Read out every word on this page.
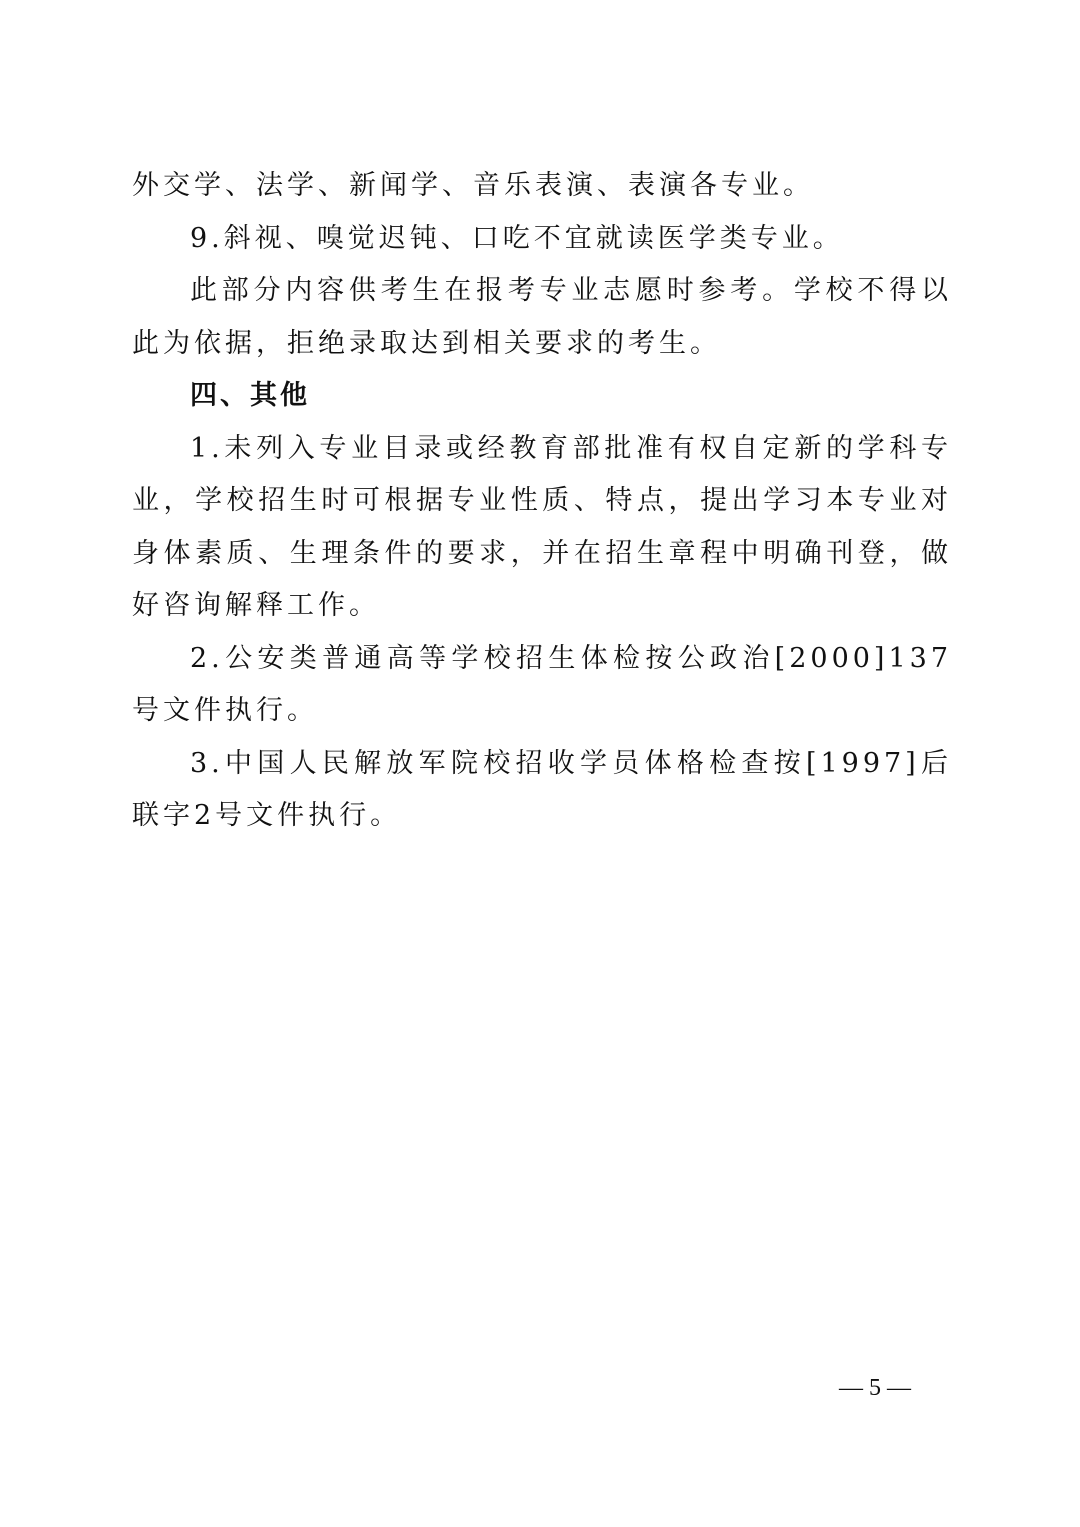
外交学、法学、新闻学、音乐表演、表演各专业。

9.斜视、嗅觉迟钝、口吃不宜就读医学类专业。

此部分内容供考生在报考专业志愿时参考。学校不得以此为依据，拒绝录取达到相关要求的考生。

四、其他

1.未列入专业目录或经教育部批准有权自定新的学科专业，学校招生时可根据专业性质、特点，提出学习本专业对身体素质、生理条件的要求，并在招生章程中明确刊登，做好咨询解释工作。

2.公安类普通高等学校招生体检按公政治[2000]137号文件执行。

3.中国人民解放军院校招收学员体格检查按[1997]后联字2号文件执行。

— 5 —
